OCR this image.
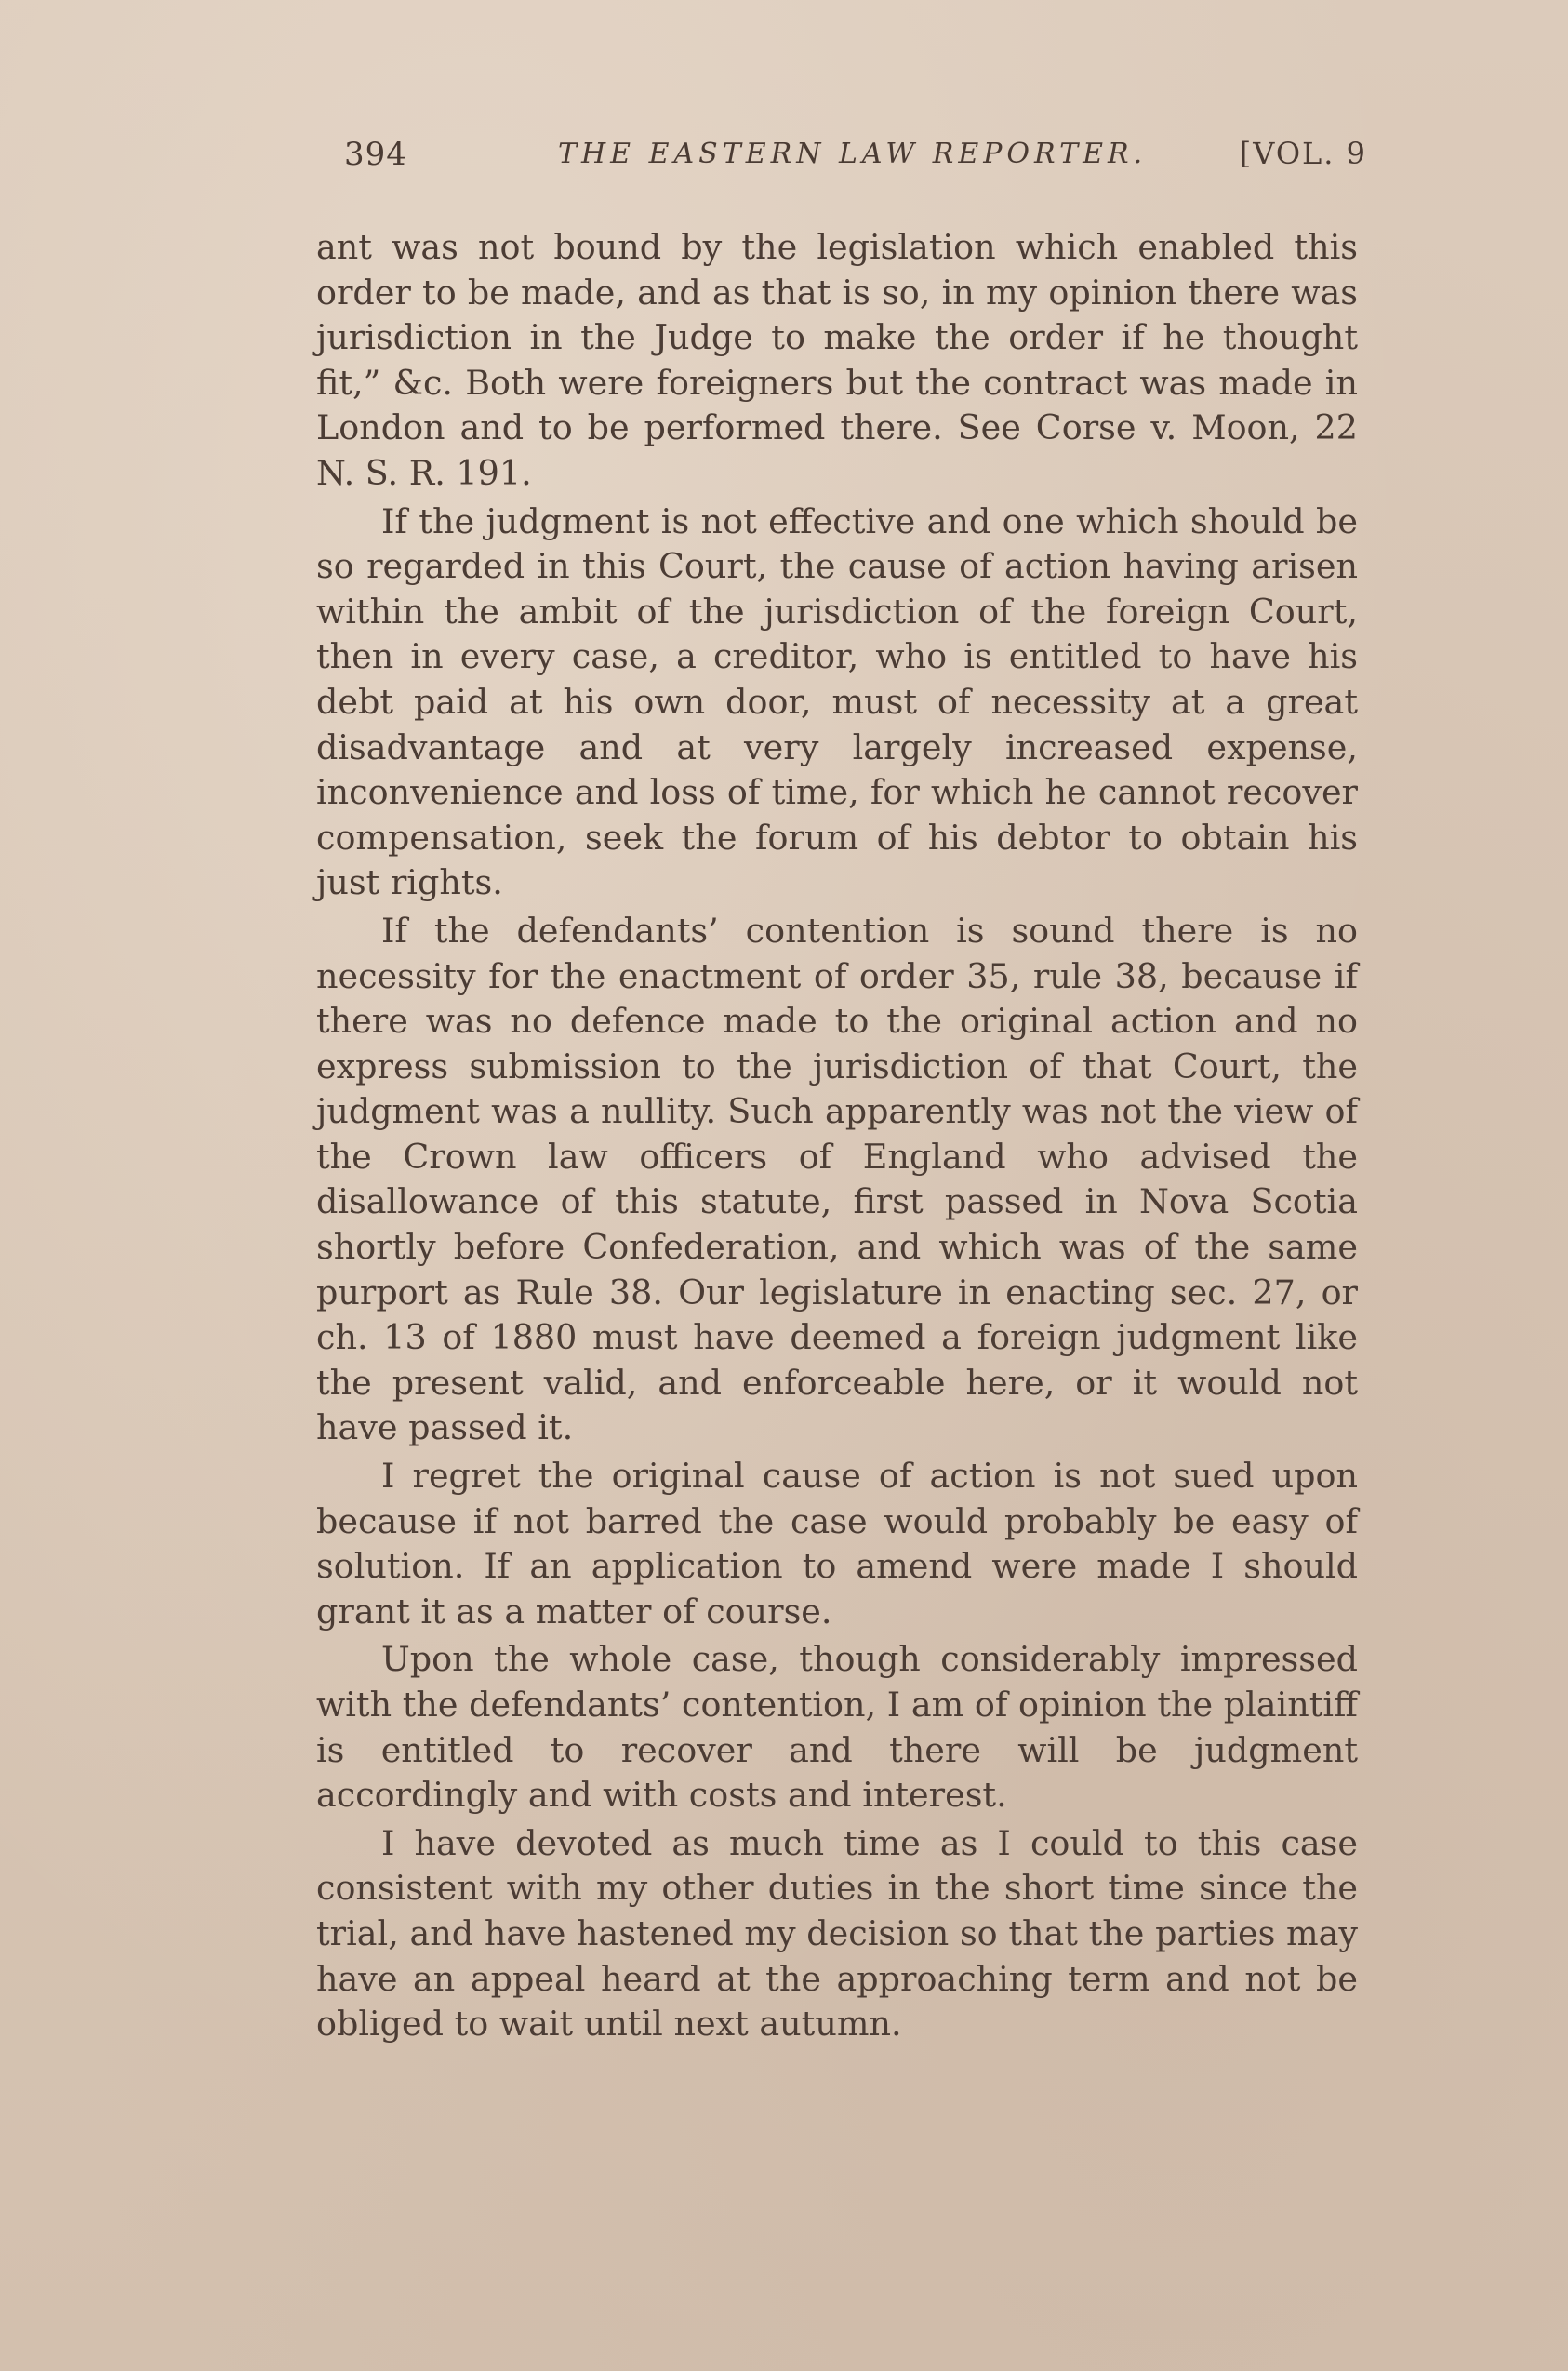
394	THE EASTERN LAW REPORTER.	[VOL. 9

ant was not bound by the legislation which enabled this order to be made, and as that is so, in my opinion there was jurisdiction in the Judge to make the order if he thought fit,” &c. Both were foreigners but the contract was made in London and to be performed there. See Corse v. Moon, 22 N. S. R. 191.

If the judgment is not effective and one which should be so regarded in this Court, the cause of action having arisen within the ambit of the jurisdiction of the foreign Court, then in every case, a creditor, who is entitled to have his debt paid at his own door, must of necessity at a great disadvantage and at very largely increased expense, inconvenience and loss of time, for which he cannot recover compensation, seek the forum of his debtor to obtain his just rights.

If the defendants’ contention is sound there is no necessity for the enactment of order 35, rule 38, because if there was no defence made to the original action and no express submission to the jurisdiction of that Court, the judgment was a nullity. Such apparently was not the view of the Crown law officers of England who advised the disallowance of this statute, first passed in Nova Scotia shortly before Confederation, and which was of the same purport as Rule 38. Our legislature in enacting sec. 27, or ch. 13 of 1880 must have deemed a foreign judgment like the present valid, and enforceable here, or it would not have passed it.

I regret the original cause of action is not sued upon because if not barred the case would probably be easy of solution. If an application to amend were made I should grant it as a matter of course.

Upon the whole case, though considerably impressed with the defendants’ contention, I am of opinion the plaintiff is entitled to recover and there will be judgment accordingly and with costs and interest.

I have devoted as much time as I could to this case consistent with my other duties in the short time since the trial, and have hastened my decision so that the parties may have an appeal heard at the approaching term and not be obliged to wait until next autumn.
